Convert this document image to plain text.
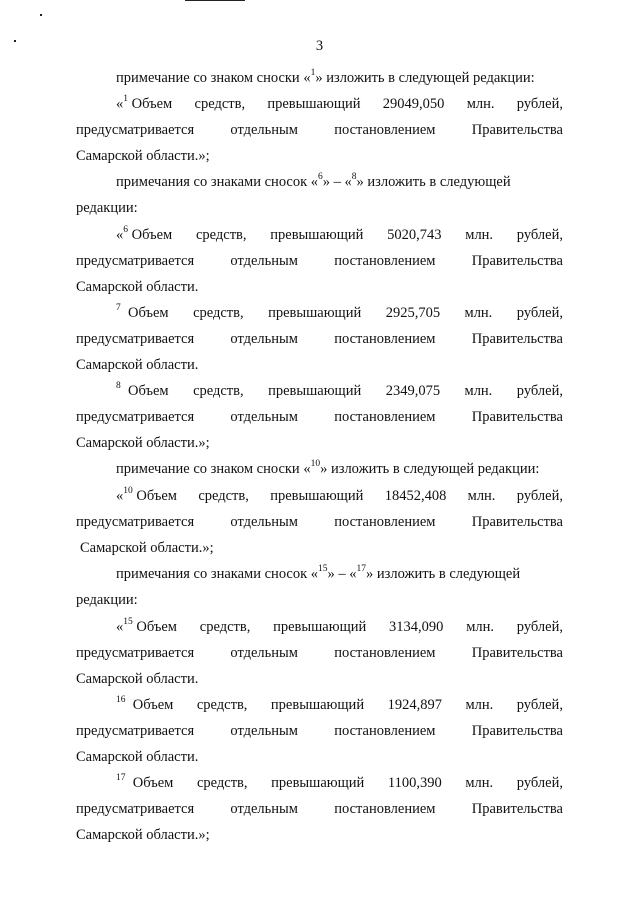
3
примечание со знаком сноски «$^1$» изложить в следующей редакции:
«$^1$ Объем средств, превышающий 29049,050 млн. рублей,
предусматривается	отдельным	постановлением	Правительства
Самарской области.»;
примечания со знаками сносок «$^6$» – «$^8$» изложить в следующей
редакции:
«$^6$ Объем средств, превышающий 5020,743 млн. рублей,
предусматривается	отдельным	постановлением	Правительства
Самарской области.
$^7$ Объем средств, превышающий 2925,705 млн. рублей,
предусматривается	отдельным	постановлением	Правительства
Самарской области.
$^8$ Объем средств, превышающий 2349,075 млн. рублей,
предусматривается	отдельным	постановлением	Правительства
Самарской области.»;
примечание со знаком сноски «$^{10}$» изложить в следующей редакции:
«$^{10}$ Объем средств, превышающий 18452,408 млн. рублей,
предусматривается	отдельным	постановлением	Правительства
Самарской области.»;
примечания со знаками сносок «$^{15}$» – «$^{17}$» изложить в следующей
редакции:
«$^{15}$ Объем средств, превышающий 3134,090 млн. рублей,
предусматривается	отдельным	постановлением	Правительства
Самарской области.
$^{16}$ Объем средств, превышающий 1924,897 млн. рублей,
предусматривается	отдельным	постановлением	Правительства
Самарской области.
$^{17}$ Объем средств, превышающий 1100,390 млн. рублей,
предусматривается	отдельным	постановлением	Правительства
Самарской области.»;
